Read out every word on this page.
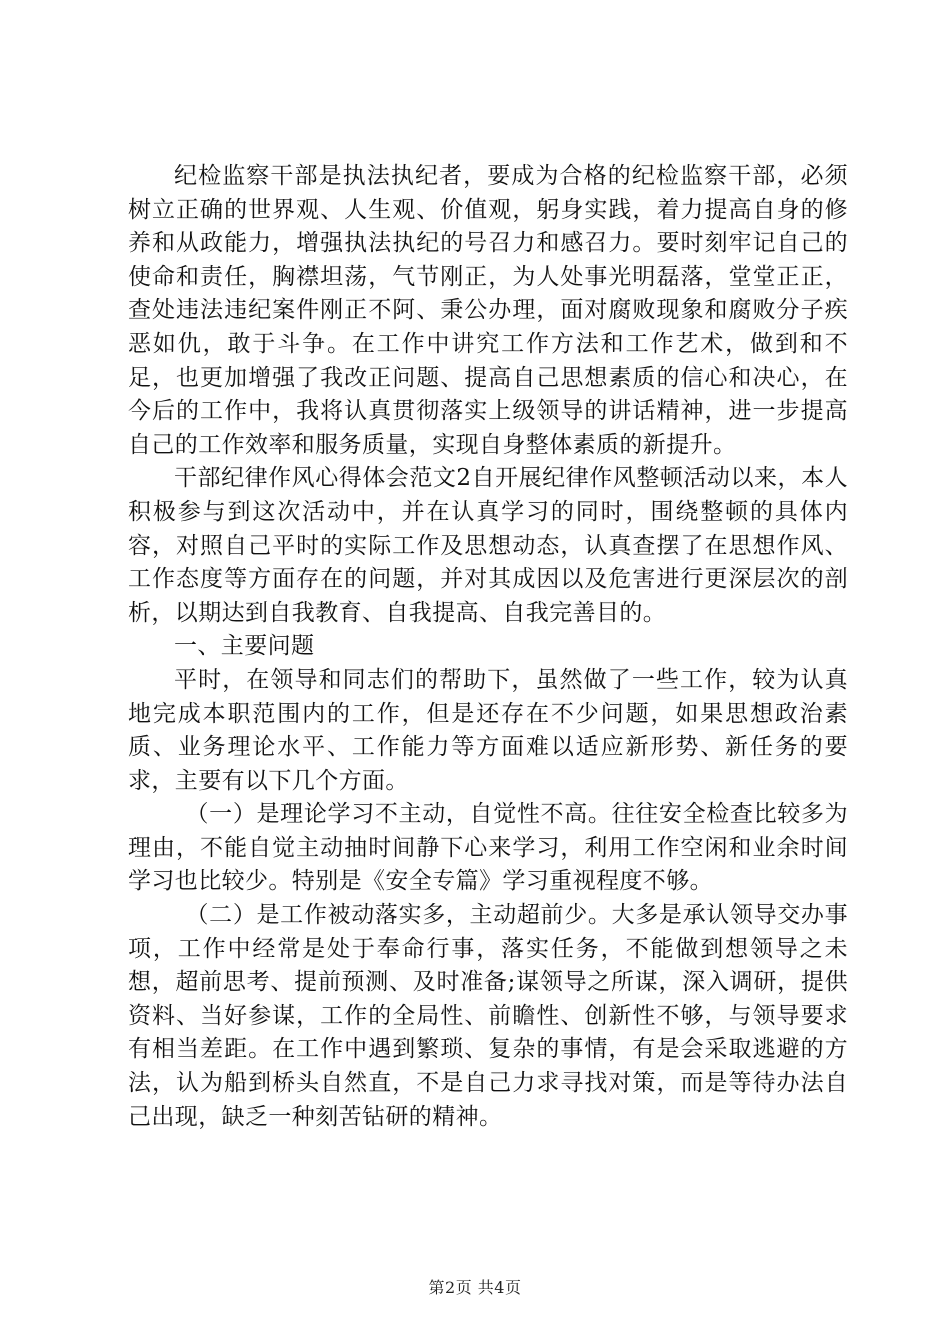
纪检监察干部是执法执纪者，要成为合格的纪检监察干部，必须树立正确的世界观、人生观、价值观，躬身实践，着力提高自身的修养和从政能力，增强执法执纪的号召力和感召力。要时刻牢记自己的使命和责任，胸襟坦荡，气节刚正，为人处事光明磊落，堂堂正正，查处违法违纪案件刚正不阿、秉公办理，面对腐败现象和腐败分子疾恶如仇，敢于斗争。在工作中讲究工作方法和工作艺术，做到和不足，也更加增强了我改正问题、提高自己思想素质的信心和决心，在今后的工作中，我将认真贯彻落实上级领导的讲话精神，进一步提高自己的工作效率和服务质量，实现自身整体素质的新提升。

干部纪律作风心得体会范文2自开展纪律作风整顿活动以来，本人积极参与到这次活动中，并在认真学习的同时，围绕整顿的具体内容，对照自己平时的实际工作及思想动态，认真查摆了在思想作风、工作态度等方面存在的问题，并对其成因以及危害进行更深层次的剖析，以期达到自我教育、自我提高、自我完善目的。

一、主要问题

平时，在领导和同志们的帮助下，虽然做了一些工作，较为认真地完成本职范围内的工作，但是还存在不少问题，如果思想政治素质、业务理论水平、工作能力等方面难以适应新形势、新任务的要求，主要有以下几个方面。

（一）是理论学习不主动，自觉性不高。往往安全检查比较多为理由，不能自觉主动抽时间静下心来学习，利用工作空闲和业余时间学习也比较少。特别是《安全专篇》学习重视程度不够。

（二）是工作被动落实多，主动超前少。大多是承认领导交办事项，工作中经常是处于奉命行事，落实任务，不能做到想领导之未想，超前思考、提前预测、及时准备;谋领导之所谋，深入调研，提供资料、当好参谋，工作的全局性、前瞻性、创新性不够，与领导要求有相当差距。在工作中遇到繁琐、复杂的事情，有是会采取逃避的方法，认为船到桥头自然直，不是自己力求寻找对策，而是等待办法自己出现，缺乏一种刻苦钻研的精神。

第2页 共4页
